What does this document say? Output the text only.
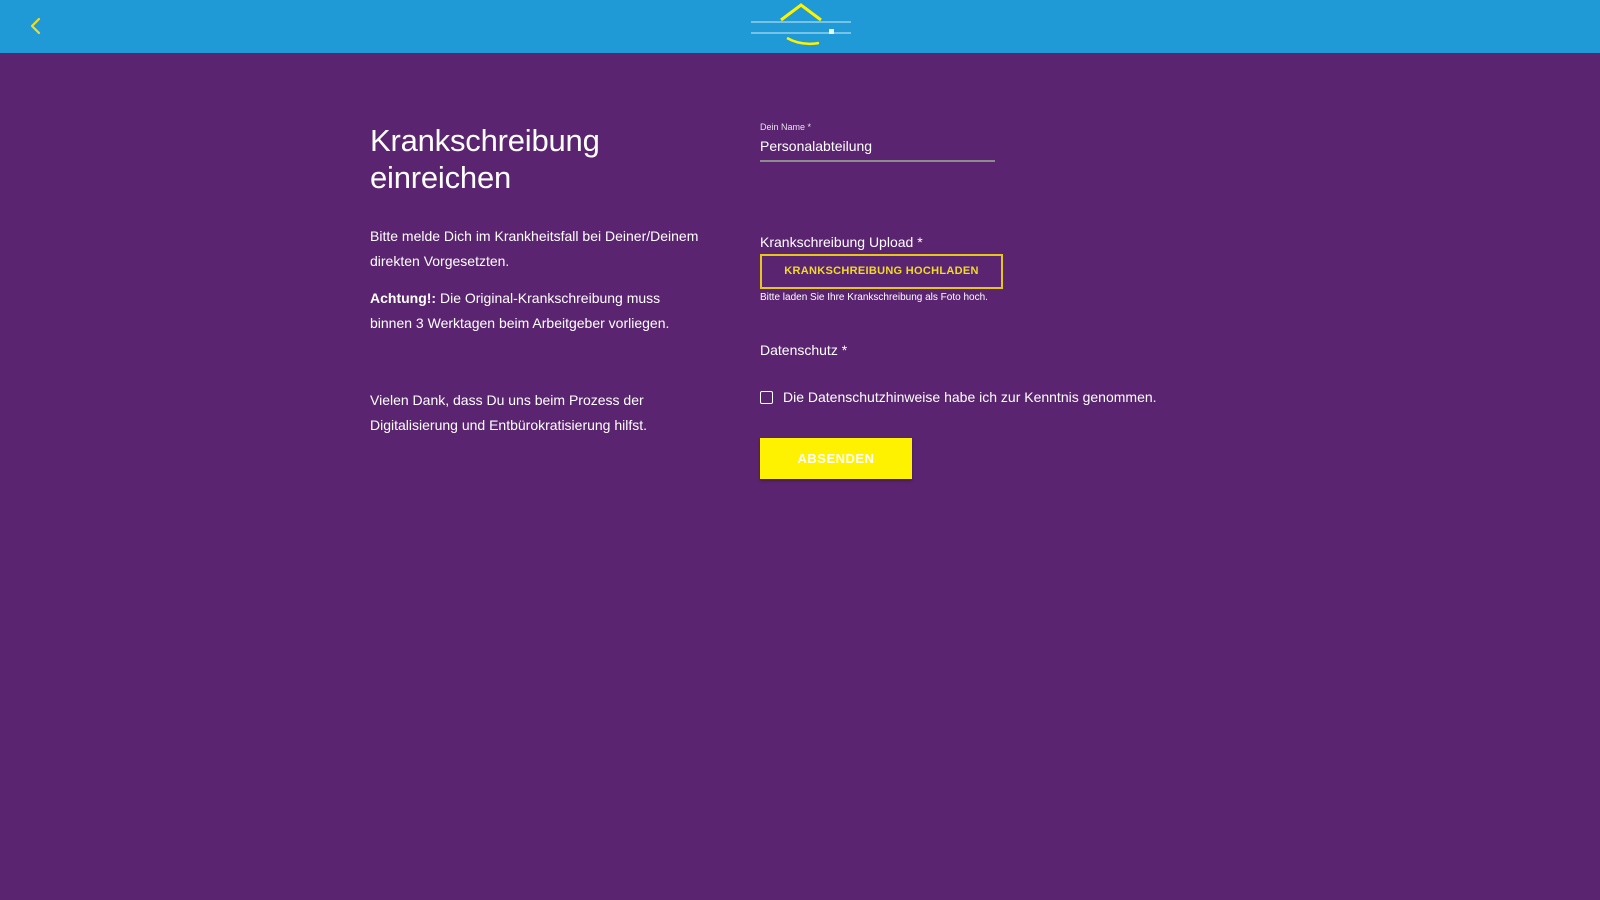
Krankschreibung einreichen

Bitte melde Dich im Krankheitsfall bei Deiner/Deinem direkten Vorgesetzten.

Achtung!: Die Original-Krankschreibung muss binnen 3 Werktagen beim Arbeitgeber vorliegen.

Vielen Dank, dass Du uns beim Prozess der Digitalisierung und Entbürokratisierung hilfst.

Dein Name *
Personalabteilung
Krankschreibung Upload *
KRANKSCHREIBUNG HOCHLADEN
Bitte laden Sie Ihre Krankschreibung als Foto hoch.
Datenschutz *
Die Datenschutzhinweise habe ich zur Kenntnis genommen.
ABSENDEN
